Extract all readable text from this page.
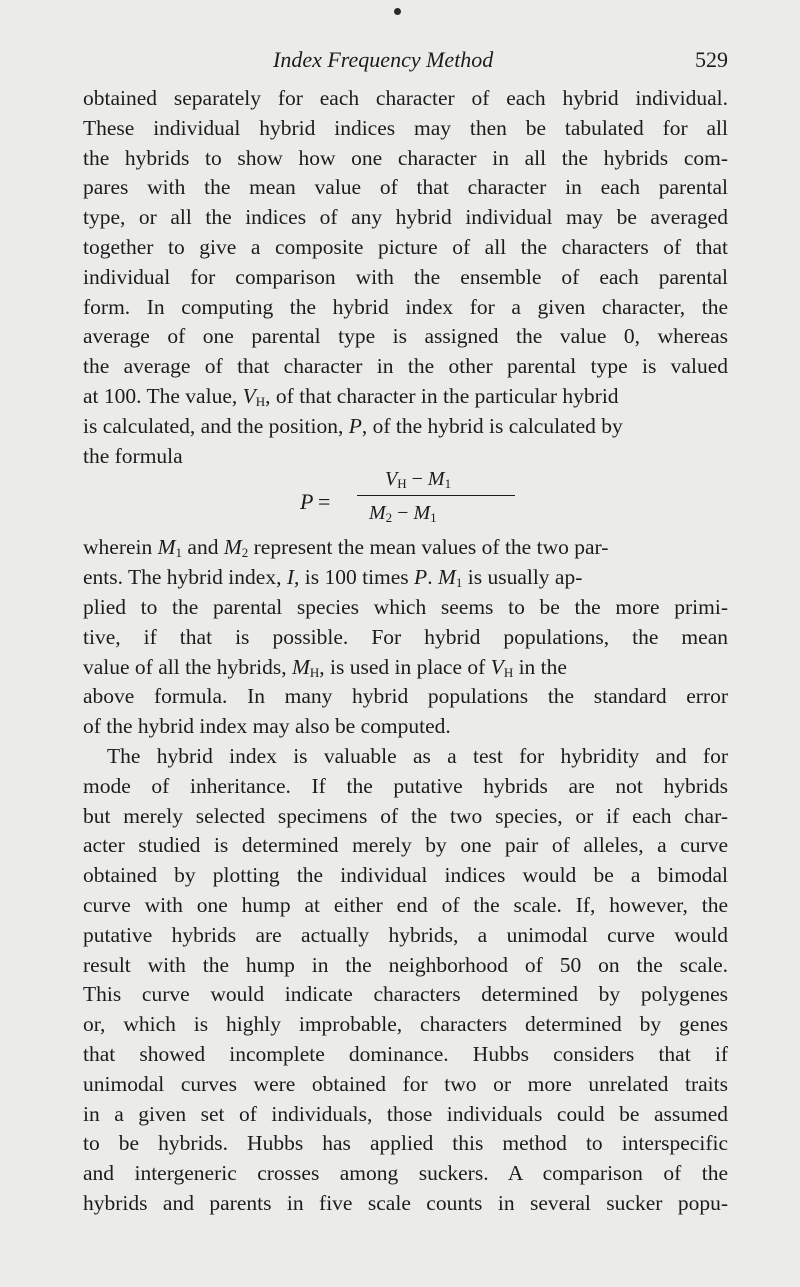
Index Frequency Method	529
obtained separately for each character of each hybrid individual.
These individual hybrid indices may then be tabulated for all
the hybrids to show how one character in all the hybrids com-
pares with the mean value of that character in each parental
type, or all the indices of any hybrid individual may be averaged
together to give a composite picture of all the characters of that
individual for comparison with the ensemble of each parental
form. In computing the hybrid index for a given character, the
average of one parental type is assigned the value 0, whereas
the average of that character in the other parental type is valued
at 100. The value, $V_H$, of that character in the particular hybrid
is calculated, and the position, P, of the hybrid is calculated by
the formula
P =
$V_H - M_1$
$M_2 - M_1$
wherein $M_1$ and $M_2$ represent the mean values of the two par-
ents. The hybrid index, I, is 100 times P. $M_1$ is usually ap-
plied to the parental species which seems to be the more primi-
tive, if that is possible. For hybrid populations, the mean
value of all the hybrids, $M_H$, is used in place of $V_H$ in the
above formula. In many hybrid populations the standard error
of the hybrid index may also be computed.
The hybrid index is valuable as a test for hybridity and for
mode of inheritance. If the putative hybrids are not hybrids
but merely selected specimens of the two species, or if each char-
acter studied is determined merely by one pair of alleles, a curve
obtained by plotting the individual indices would be a bimodal
curve with one hump at either end of the scale. If, however, the
putative hybrids are actually hybrids, a unimodal curve would
result with the hump in the neighborhood of 50 on the scale.
This curve would indicate characters determined by polygenes
or, which is highly improbable, characters determined by genes
that showed incomplete dominance. Hubbs considers that if
unimodal curves were obtained for two or more unrelated traits
in a given set of individuals, those individuals could be assumed
to be hybrids. Hubbs has applied this method to interspecific
and intergeneric crosses among suckers. A comparison of the
hybrids and parents in five scale counts in several sucker popu-
